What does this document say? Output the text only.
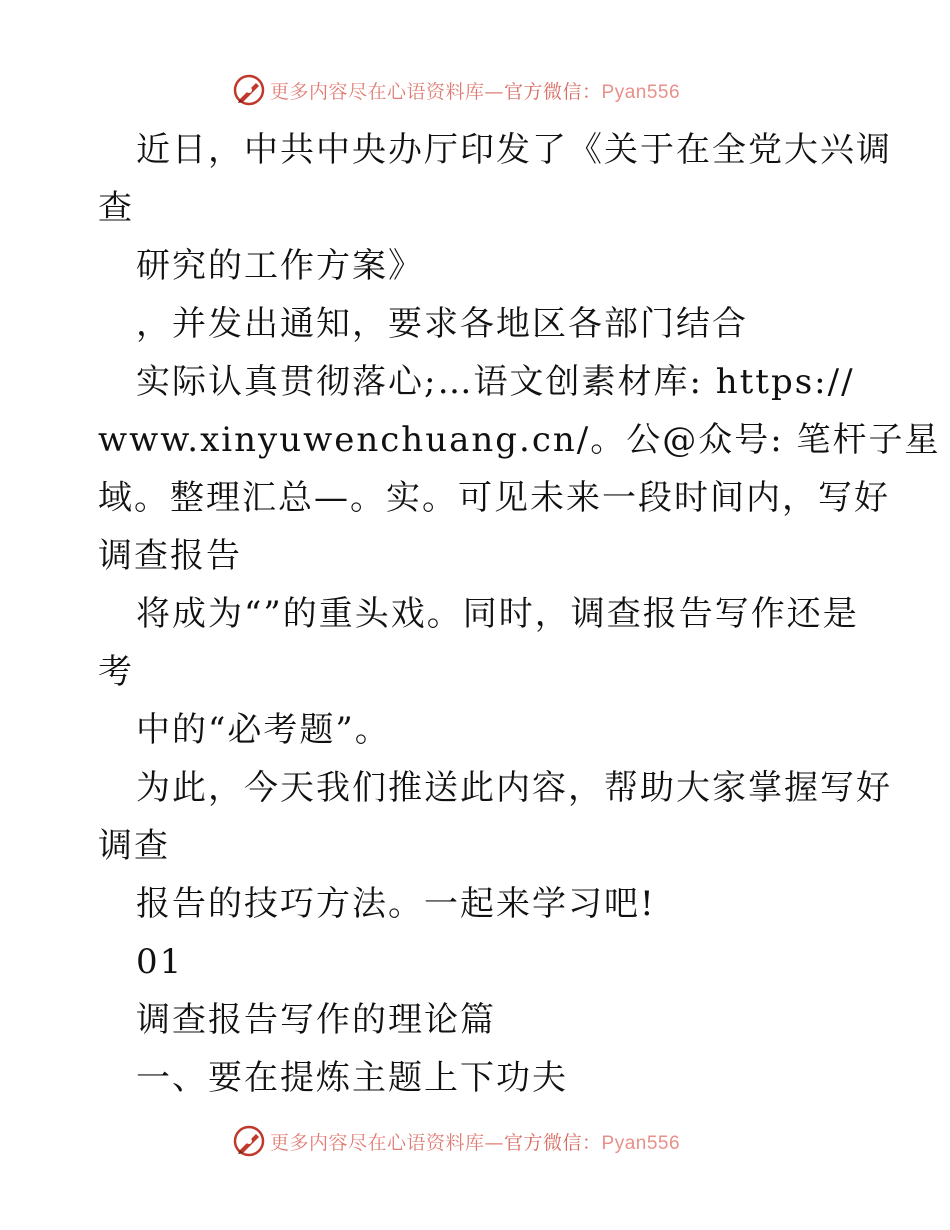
更多内容尽在心语资料库—官方微信：Pyan556
近日，中共中央办厅印发了《关于在全党大兴调
查
研究的工作方案》
，并发出通知，要求各地区各部门结合
实际认真贯彻落心;…语文创素材库: https://
www.xinyuwenchuang.cn/。公@众号: 笔杆子星
域。整理汇总—。实。可见未来一段时间内，写好
调查报告
将成为“”的重头戏。同时，调查报告写作还是
考
中的“必考题”。
为此，今天我们推送此内容，帮助大家掌握写好
调查
报告的技巧方法。一起来学习吧!
01
调查报告写作的理论篇
一、要在提炼主题上下功夫
更多内容尽在心语资料库—官方微信：Pyan556
